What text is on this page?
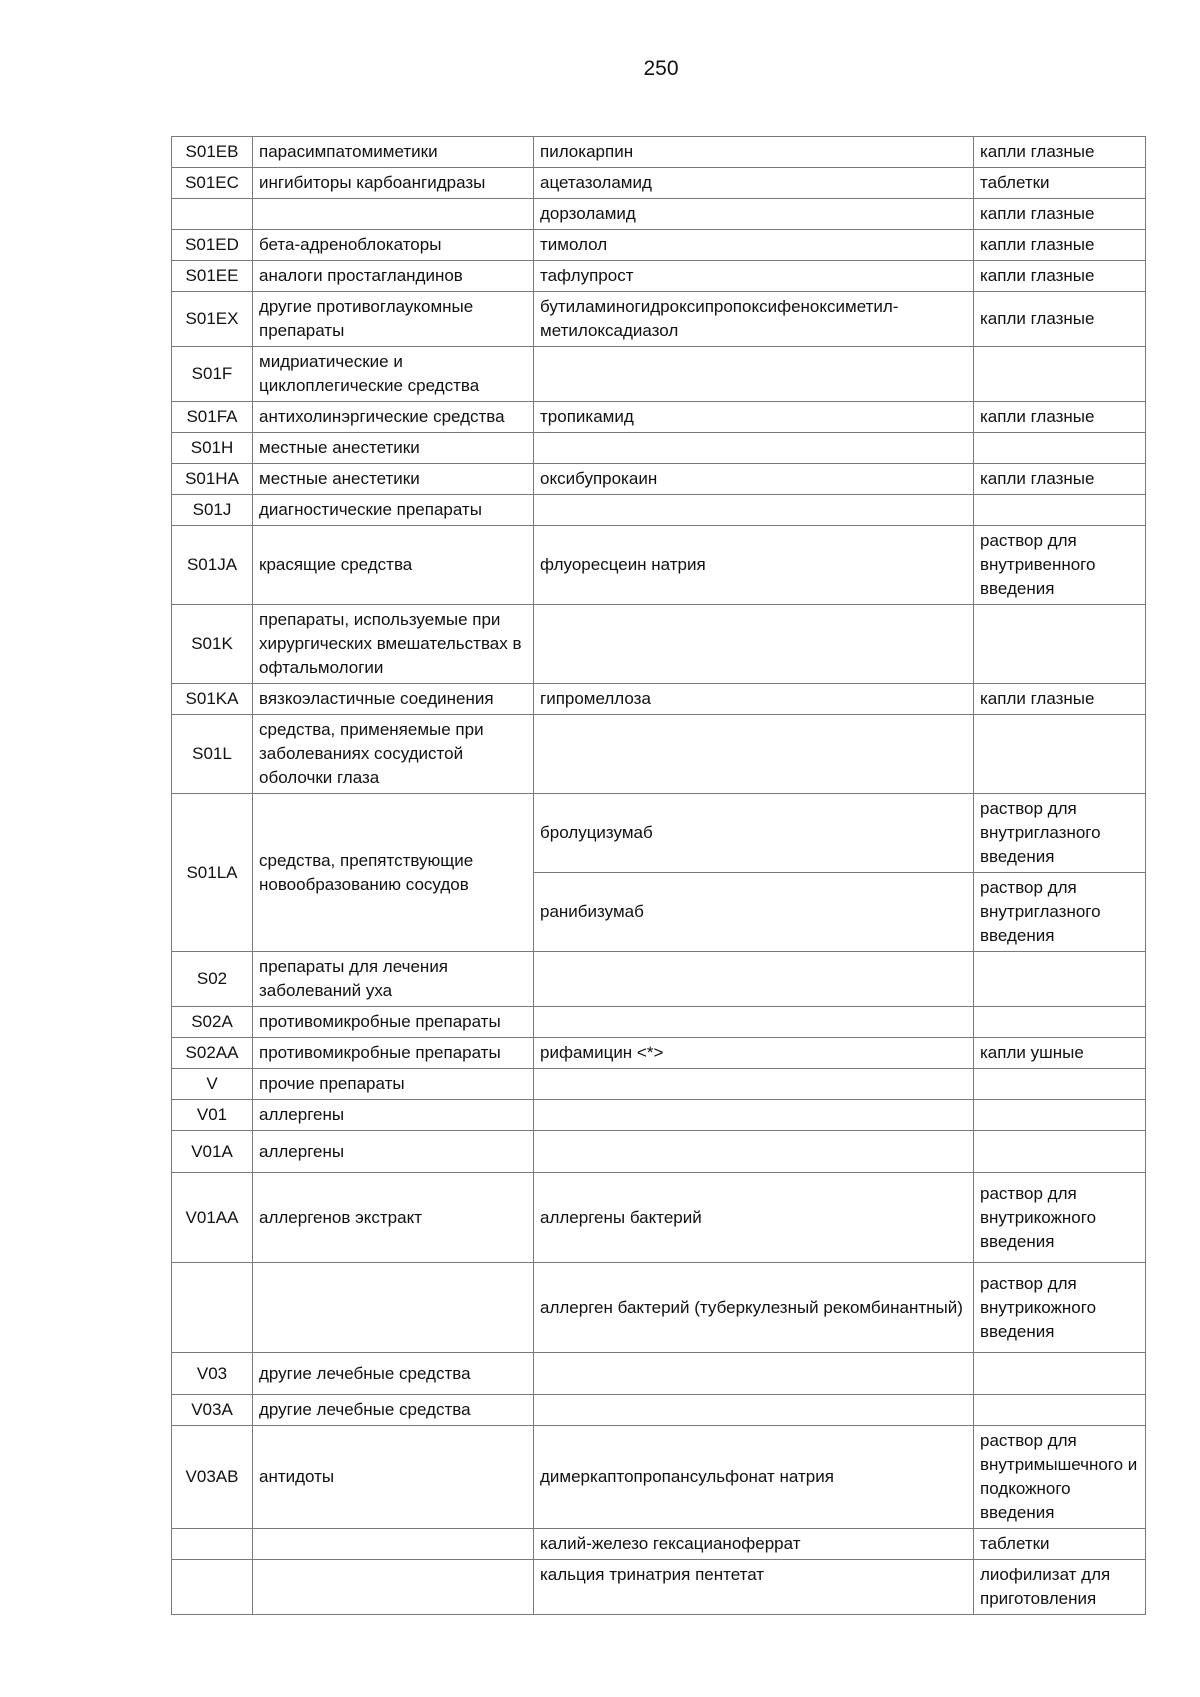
250
S01EB	парасимпатомиметики	пилокарпин	капли глазные
S01EC	ингибиторы карбоангидразы	ацетазоламид	таблетки
		дорзоламид	капли глазные
S01ED	бета-адреноблокаторы	тимолол	капли глазные
S01EE	аналоги простагландинов	тафлупрост	капли глазные
S01EX	другие противоглаукомные препараты	бутиламиногидроксипропоксифеноксиметил-метилоксадиазол	капли глазные
S01F	мидриатические и циклоплегические средства		
S01FA	антихолинэргические средства	тропикамид	капли глазные
S01H	местные анестетики		
S01HA	местные анестетики	оксибупрокаин	капли глазные
S01J	диагностические препараты		
S01JA	красящие средства	флуоресцеин натрия	раствор для внутривенного введения
S01K	препараты, используемые при хирургических вмешательствах в офтальмологии		
S01KA	вязкоэластичные соединения	гипромеллоза	капли глазные
S01L	средства, применяемые при заболеваниях сосудистой оболочки глаза		
S01LA	средства, препятствующие новообразованию сосудов	бролуцизумаб	раствор для внутриглазного введения
		ранибизумаб	раствор для внутриглазного введения
S02	препараты для лечения заболеваний уха		
S02A	противомикробные препараты		
S02AA	противомикробные препараты	рифамицин <*>	капли ушные
V	прочие препараты		
V01	аллергены		
V01A	аллергены		
V01AA	аллергенов экстракт	аллергены бактерий	раствор для внутрикожного введения
		аллерген бактерий (туберкулезный рекомбинантный)	раствор для внутрикожного введения
V03	другие лечебные средства		
V03A	другие лечебные средства		
V03AB	антидоты	димеркаптопропансульфонат натрия	раствор для внутримышечного и подкожного введения
		калий-железо гексацианоферрат	таблетки
		кальция тринатрия пентетат	лиофилизат для приготовления
